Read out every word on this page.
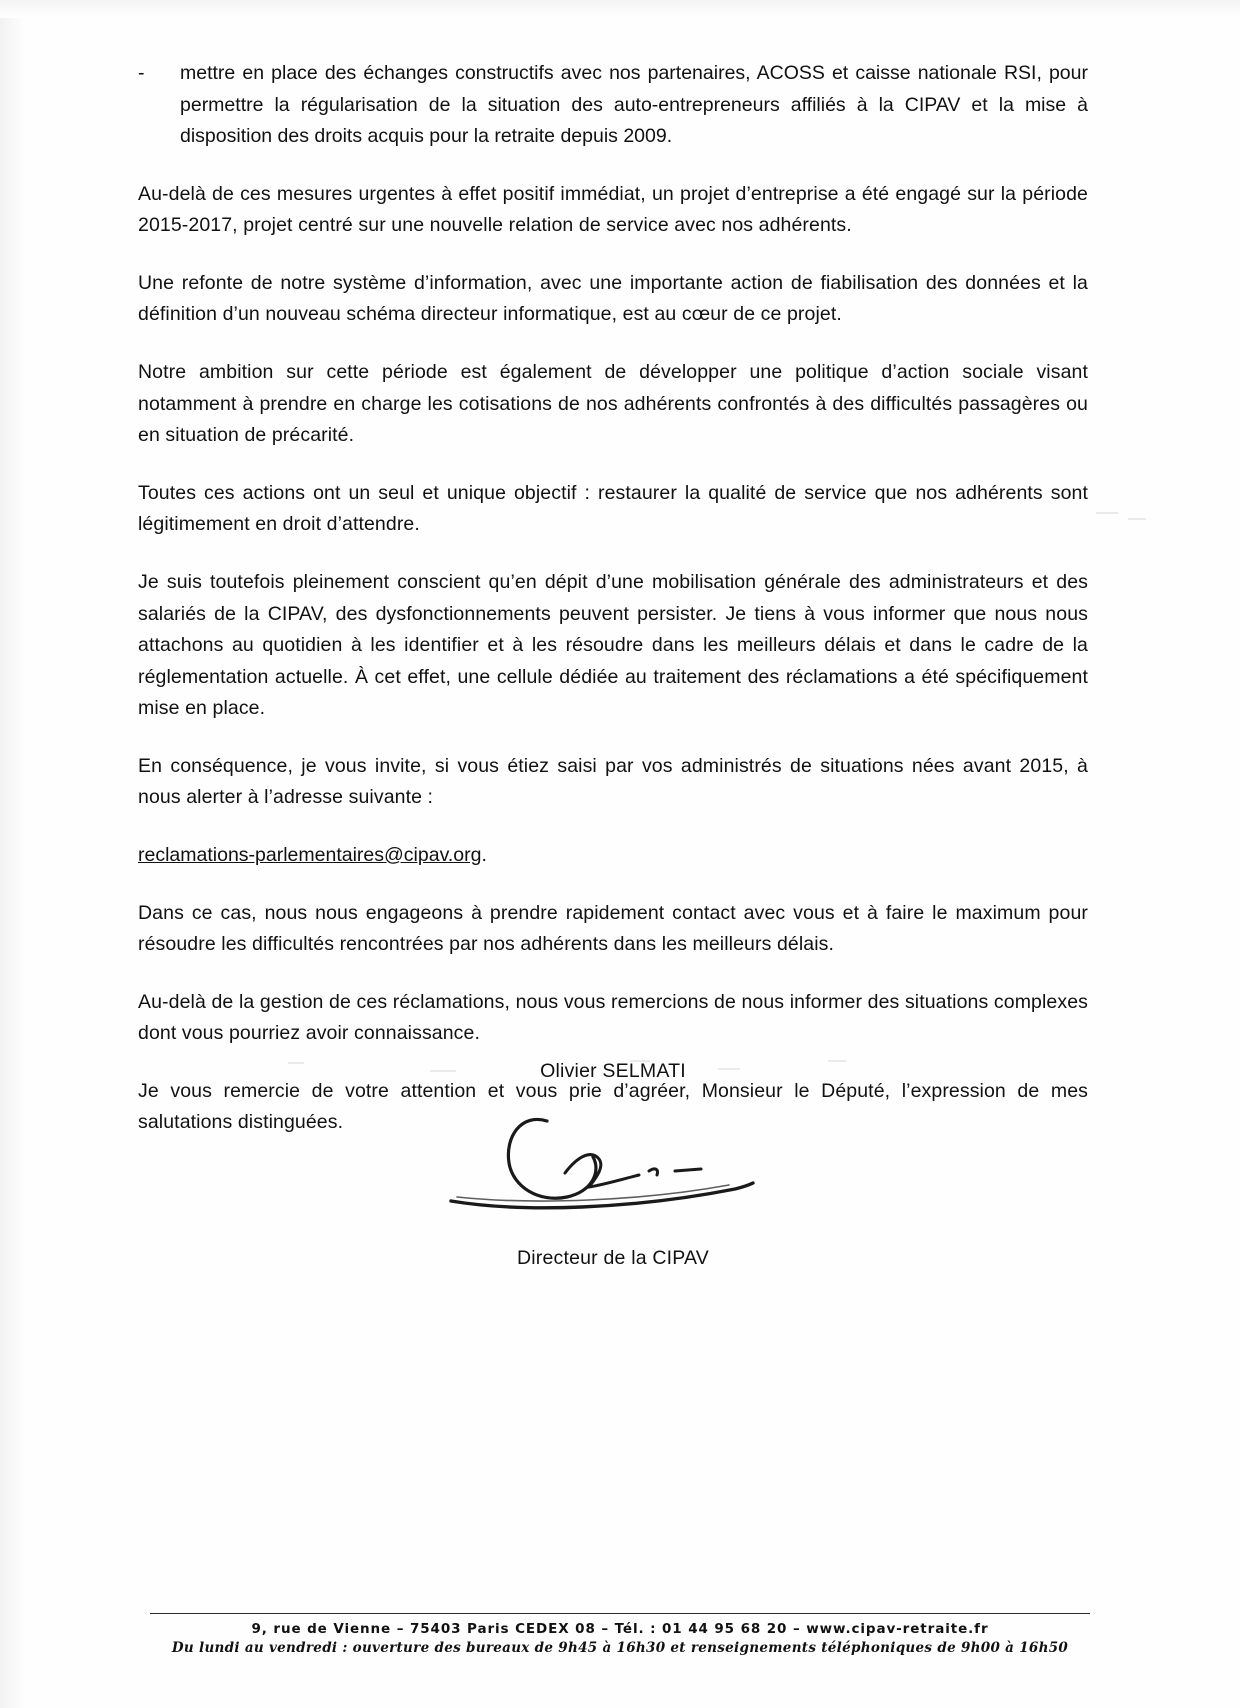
-	mettre en place des échanges constructifs avec nos partenaires, ACOSS et caisse nationale RSI, pour permettre la régularisation de la situation des auto-entrepreneurs affiliés à la CIPAV et la mise à disposition des droits acquis pour la retraite depuis 2009.

Au-delà de ces mesures urgentes à effet positif immédiat, un projet d’entreprise a été engagé sur la période 2015-2017, projet centré sur une nouvelle relation de service avec nos adhérents.

Une refonte de notre système d’information, avec une importante action de fiabilisation des données et la définition d’un nouveau schéma directeur informatique, est au cœur de ce projet.

Notre ambition sur cette période est également de développer une politique d’action sociale visant notamment à prendre en charge les cotisations de nos adhérents confrontés à des difficultés passagères ou en situation de précarité.

Toutes ces actions ont un seul et unique objectif : restaurer la qualité de service que nos adhérents sont légitimement en droit d’attendre.

Je suis toutefois pleinement conscient qu’en dépit d’une mobilisation générale des administrateurs et des salariés de la CIPAV, des dysfonctionnements peuvent persister. Je tiens à vous informer que nous nous attachons au quotidien à les identifier et à les résoudre dans les meilleurs délais et dans le cadre de la réglementation actuelle. À cet effet, une cellule dédiée au traitement des réclamations a été spécifiquement mise en place.

En conséquence, je vous invite, si vous étiez saisi par vos administrés de situations nées avant 2015, à nous alerter à l’adresse suivante :

reclamations-parlementaires@cipav.org.

Dans ce cas, nous nous engageons à prendre rapidement contact avec vous et à faire le maximum pour résoudre les difficultés rencontrées par nos adhérents dans les meilleurs délais.

Au-delà de la gestion de ces réclamations, nous vous remercions de nous informer des situations complexes dont vous pourriez avoir connaissance.

Je vous remercie de votre attention et vous prie d’agréer, Monsieur le Député, l’expression de mes salutations distinguées.

Olivier SELMATI
Directeur de la CIPAV
9, rue de Vienne – 75403 Paris CEDEX 08 – Tél. : 01 44 95 68 20 – www.cipav-retraite.fr
Du lundi au vendredi : ouverture des bureaux de 9h45 à 16h30 et renseignements téléphoniques de 9h00 à 16h50
